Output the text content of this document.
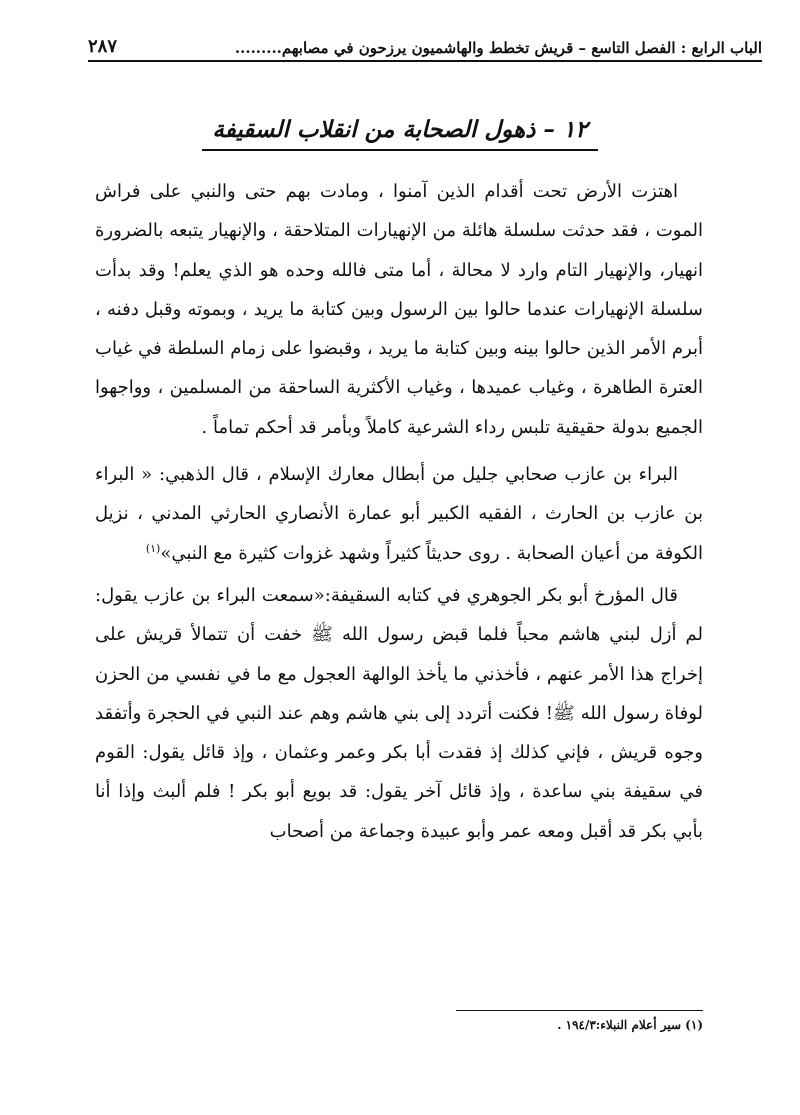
الباب الرابع : الفصل التاسع – قريش تخطط والهاشميون يرزحون في مصابهم.........
٢٨٧
١٢ – ذهول الصحابة من انقلاب السقيفة

اهتزت الأرض تحت أقدام الذين آمنوا ، ومادت بهم حتى والنبي على فراش الموت ، فقد حدثت سلسلة هائلة من الإنهيارات المتلاحقة ، والإنهيار يتبعه بالضرورة انهيار، والإنهيار التام وارد لا محالة ، أما متى فالله وحده هو الذي يعلم! وقد بدأت سلسلة الإنهيارات عندما حالوا بين الرسول وبين كتابة ما يريد ، وبموته وقبل دفنه ، أبرم الأمر الذين حالوا بينه وبين كتابة ما يريد ، وقبضوا على زمام السلطة في غياب العترة الطاهرة ، وغياب عميدها ، وغياب الأكثرية الساحقة من المسلمين ، وواجهوا الجميع بدولة حقيقية تلبس رداء الشرعية كاملاً وبأمر قد أحكم تماماً .

البراء بن عازب صحابي جليل من أبطال معارك الإسلام ، قال الذهبي: « البراء بن عازب بن الحارث ، الفقيه الكبير أبو عمارة الأنصاري الحارثي المدني ، نزيل الكوفة من أعيان الصحابة . روى حديثاً كثيراً وشهد غزوات كثيرة مع النبي»$^{(١)}$

قال المؤرخ أبو بكر الجوهري في كتابه السقيفة:«سمعت البراء بن عازب يقول: لم أزل لبني هاشم محباً فلما قبض رسول الله ﷺ خفت أن تتمالأ قريش على إخراج هذا الأمر عنهم ، فأخذني ما يأخذ الوالهة العجول مع ما في نفسي من الحزن لوفاة رسول الله ﷺ! فكنت أتردد إلى بني هاشم وهم عند النبي في الحجرة وأتفقد وجوه قريش ، فإني كذلك إذ فقدت أبا بكر وعمر وعثمان ، وإذ قائل يقول: القوم في سقيفة بني ساعدة ، وإذ قائل آخر يقول: قد بويع أبو بكر ! فلم ألبث وإذا أنا بأبي بكر قد أقبل ومعه عمر وأبو عبيدة وجماعة من أصحاب

(١) سير أعلام النبلاء:١٩٤/٣ .
